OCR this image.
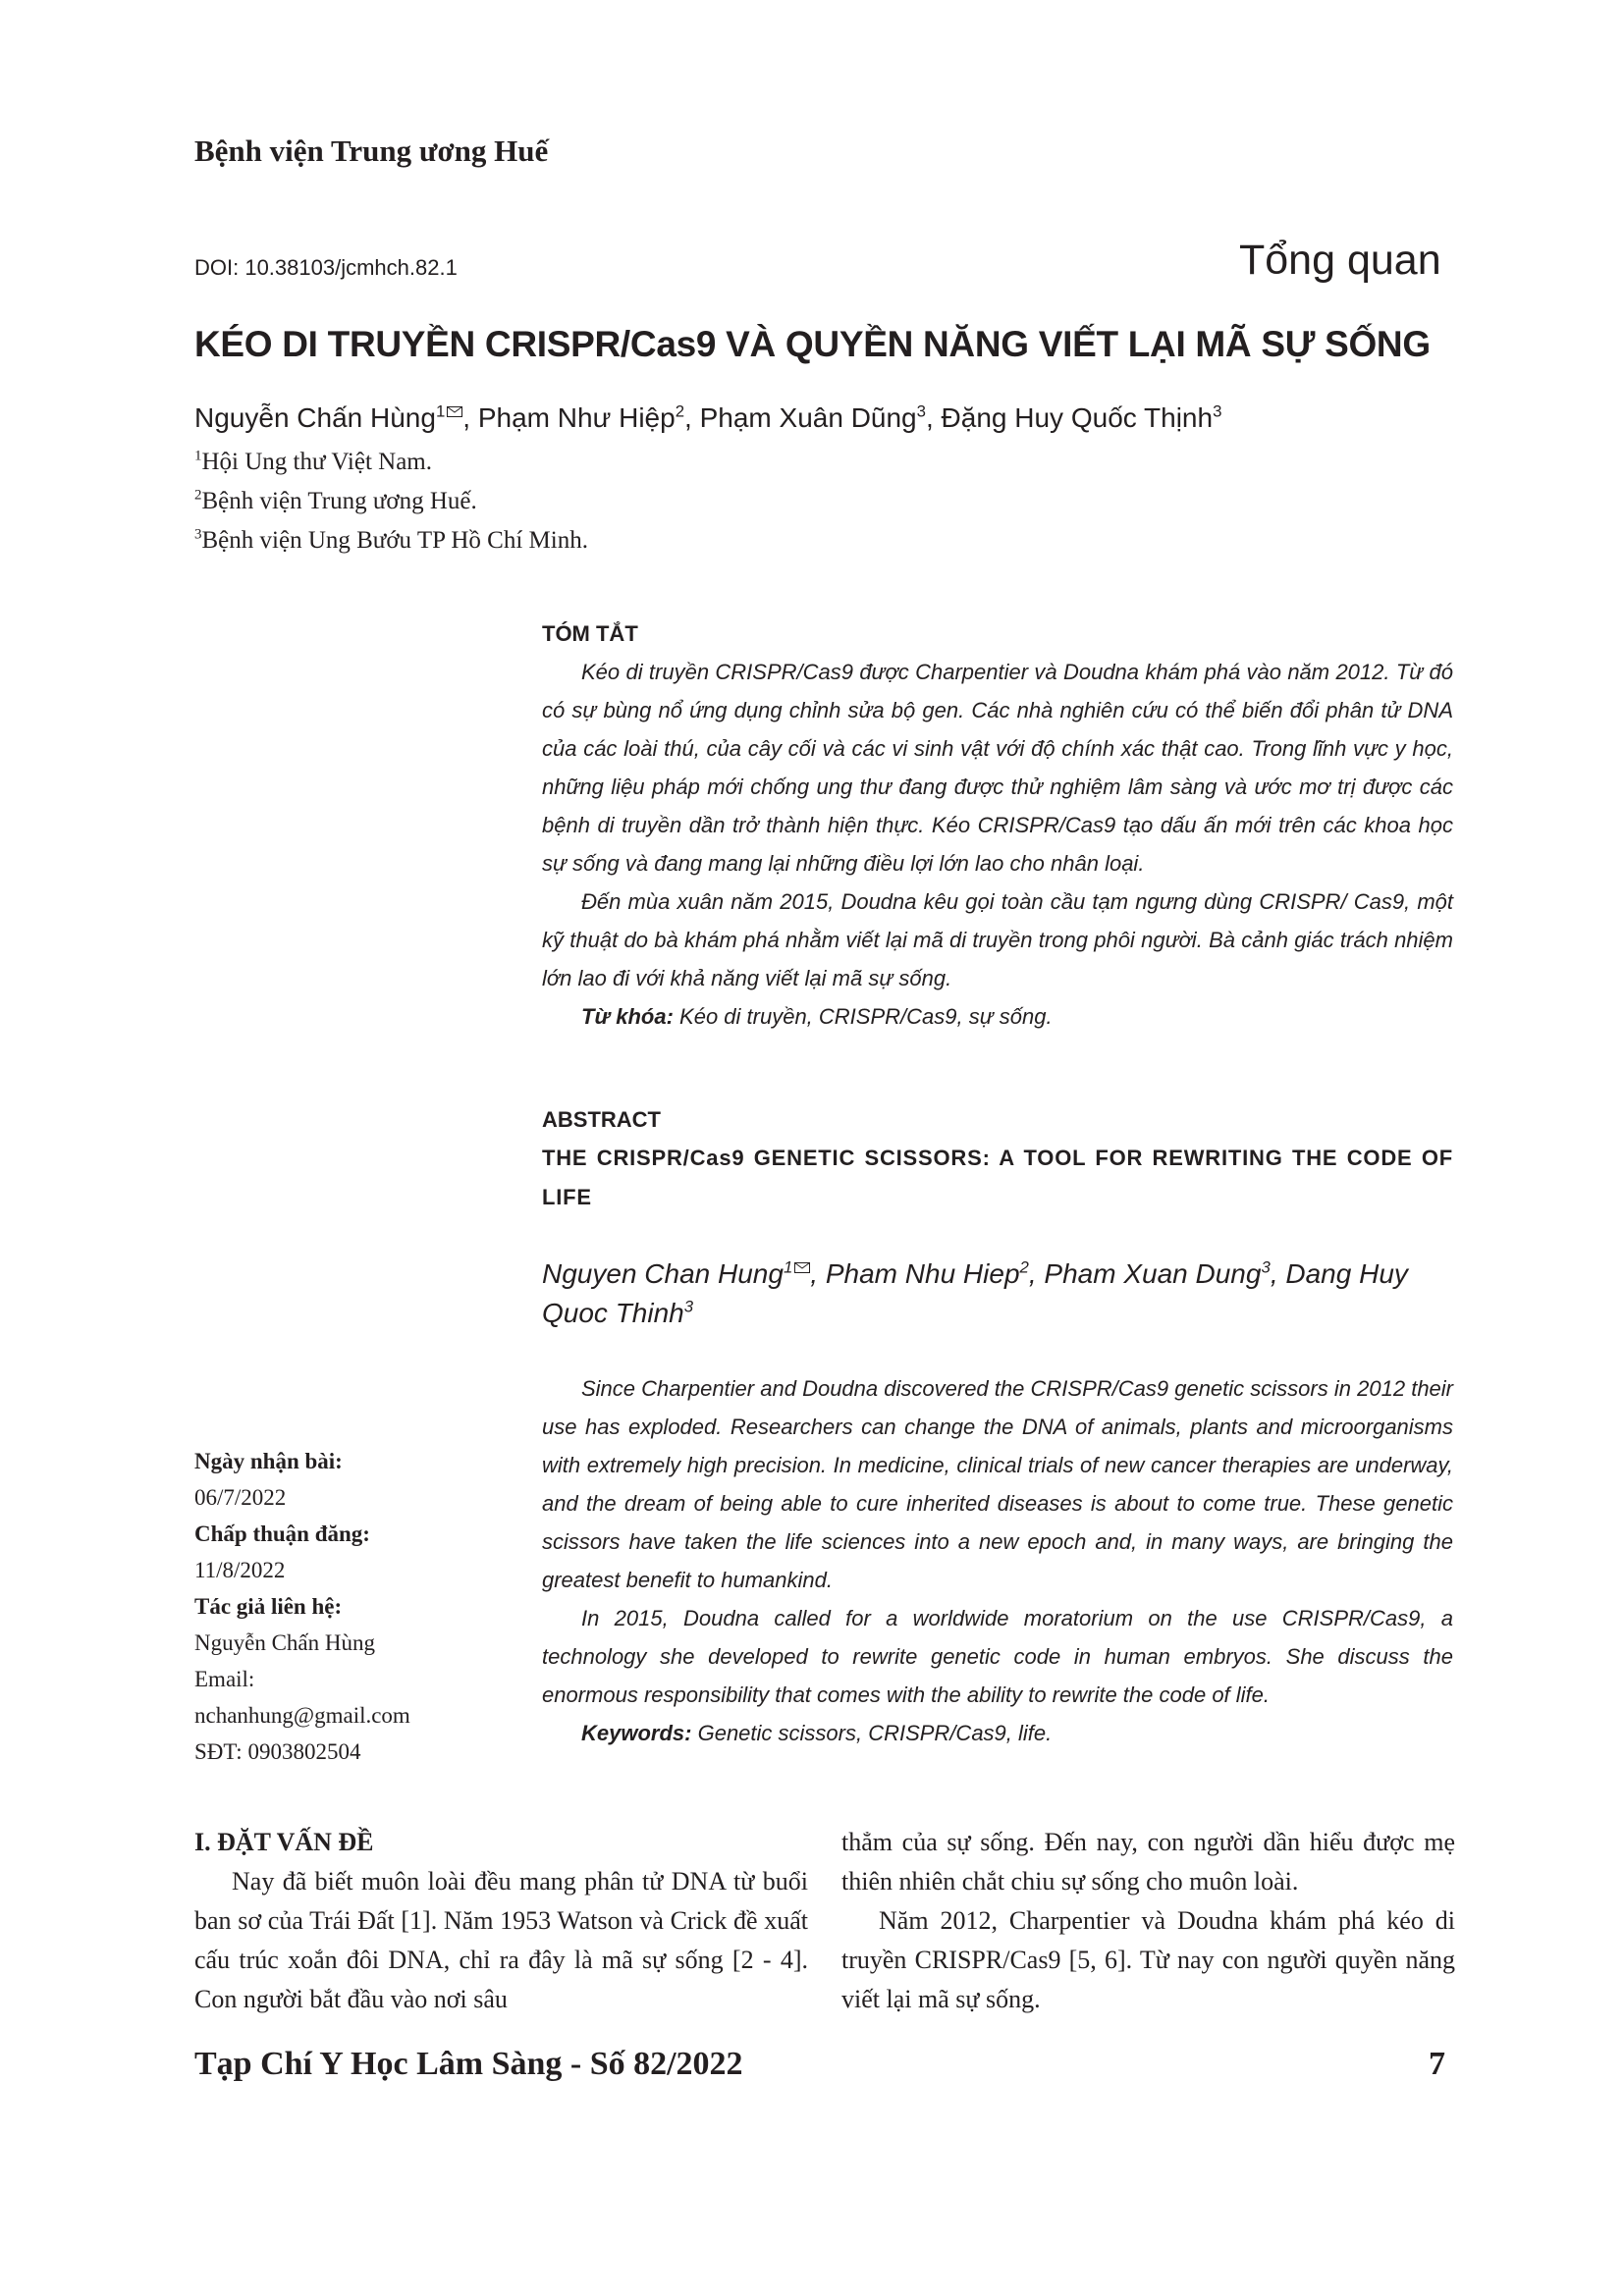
Bệnh viện Trung ương Huế
DOI: 10.38103/jcmhch.82.1	Tổng quan
KÉO DI TRUYỀN CRISPR/Cas9 VÀ QUYỀN NĂNG VIẾT LẠI MÃ SỰ SỐNG
Nguyễn Chấn Hùng$^1$ , Phạm Như Hiệp$^2$, Phạm Xuân Dũng$^3$, Đặng Huy Quốc Thịnh$^3$
$^1$Hội Ung thư Việt Nam.
$^2$Bệnh viện Trung ương Huế.
$^3$Bệnh viện Ung Bướu TP Hồ Chí Minh.
TÓM TẮT

Kéo di truyền CRISPR/Cas9 được Charpentier và Doudna khám phá vào năm 2012. Từ đó có sự bùng nổ ứng dụng chỉnh sửa bộ gen. Các nhà nghiên cứu có thể biến đổi phân tử DNA của các loài thú, của cây cối và các vi sinh vật với độ chính xác thật cao. Trong lĩnh vực y học, những liệu pháp mới chống ung thư đang được thử nghiệm lâm sàng và ước mơ trị được các bệnh di truyền dần trở thành hiện thực. Kéo CRISPR/Cas9 tạo dấu ấn mới trên các khoa học sự sống và đang mang lại những điều lợi lớn lao cho nhân loại.

Đến mùa xuân năm 2015, Doudna kêu gọi toàn cầu tạm ngưng dùng CRISPR/ Cas9, một kỹ thuật do bà khám phá nhằm viết lại mã di truyền trong phôi người. Bà cảnh giác trách nhiệm lớn lao đi với khả năng viết lại mã sự sống.

Từ khóa: Kéo di truyền, CRISPR/Cas9, sự sống.

ABSTRACT
THE CRISPR/Cas9 GENETIC SCISSORS: A TOOL FOR REWRITING THE CODE OF LIFE
Nguyen Chan Hung$^1$ , Pham Nhu Hiep$^2$, Pham Xuan Dung$^3$, Dang Huy Quoc Thinh$^3$

Since Charpentier and Doudna discovered the CRISPR/Cas9 genetic scissors in 2012 their use has exploded. Researchers can change the DNA of animals, plants and microorganisms with extremely high precision. In medicine, clinical trials of new cancer therapies are underway, and the dream of being able to cure inherited diseases is about to come true. These genetic scissors have taken the life sciences into a new epoch and, in many ways, are bringing the greatest benefit to humankind.

In 2015, Doudna called for a worldwide moratorium on the use CRISPR/Cas9, a technology she developed to rewrite genetic code in human embryos. She discuss the enormous responsibility that comes with the ability to rewrite the code of life.

Keywords: Genetic scissors, CRISPR/Cas9, life.

Ngày nhận bài:
06/7/2022
Chấp thuận đăng:
11/8/2022
Tác giả liên hệ:
Nguyễn Chấn Hùng
Email:
nchanhung@gmail.com
SĐT: 0903802504
I. ĐẶT VẤN ĐỀ

Nay đã biết muôn loài đều mang phân tử DNA từ buổi ban sơ của Trái Đất [1]. Năm 1953 Watson và Crick đề xuất cấu trúc xoắn đôi DNA, chỉ ra đây là mã sự sống [2 - 4]. Con người bắt đầu vào nơi sâu

thẳm của sự sống. Đến nay, con người dần hiểu được mẹ thiên nhiên chắt chiu sự sống cho muôn loài.

Năm 2012, Charpentier và Doudna khám phá kéo di truyền CRISPR/Cas9 [5, 6]. Từ nay con người quyền năng viết lại mã sự sống.

Tạp Chí Y Học Lâm Sàng - Số 82/2022	7
